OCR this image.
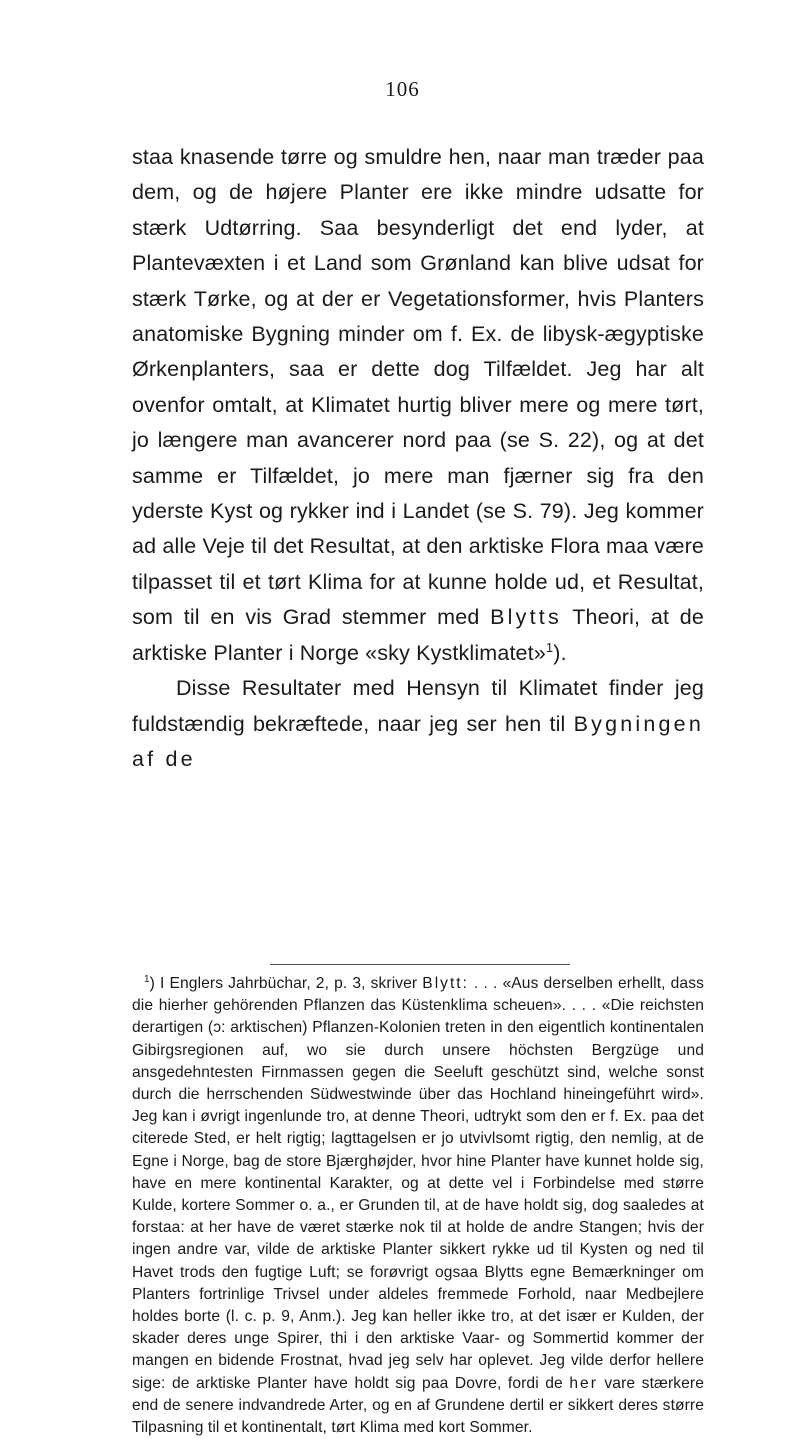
106

staa knasende tørre og smuldre hen, naar man træder paa dem, og de højere Planter ere ikke mindre udsatte for stærk Udtørring. Saa besynderligt det end lyder, at Plantevæxten i et Land som Grønland kan blive udsat for stærk Tørke, og at der er Vegetationsformer, hvis Planters anatomiske Bygning minder om f. Ex. de libysk-ægyptiske Ørkenplanters, saa er dette dog Tilfældet. Jeg har alt ovenfor omtalt, at Klimatet hurtig bliver mere og mere tørt, jo længere man avancerer nord paa (se S. 22), og at det samme er Tilfældet, jo mere man fjærner sig fra den yderste Kyst og rykker ind i Landet (se S. 79). Jeg kommer ad alle Veje til det Resultat, at den arktiske Flora maa være tilpasset til et tørt Klima for at kunne holde ud, et Resultat, som til en vis Grad stemmer med Blytts Theori, at de arktiske Planter i Norge «sky Kystklimatet»$^1$).

Disse Resultater med Hensyn til Klimatet finder jeg fuldstændig bekræftede, naar jeg ser hen til Bygningen af de

$^1$) I Englers Jahrbüchar, 2, p. 3, skriver Blytt: . . . «Aus derselben erhellt, dass die hierher gehörenden Pflanzen das Küstenklima scheuen». . . . «Die reichsten derartigen (ɔ: arktischen) Pflanzen-Kolonien treten in den eigentlich kontinentalen Gibirgsregionen auf, wo sie durch unsere höchsten Bergzüge und ansgedehntesten Firnmassen gegen die Seeluft geschützt sind, welche sonst durch die herrschenden Südwestwinde über das Hochland hineingeführt wird». Jeg kan i øvrigt ingenlunde tro, at denne Theori, udtrykt som den er f. Ex. paa det citerede Sted, er helt rigtig; lagttagelsen er jo utvivlsomt rigtig, den nemlig, at de Egne i Norge, bag de store Bjærghøjder, hvor hine Planter have kunnet holde sig, have en mere kontinental Karakter, og at dette vel i Forbindelse med større Kulde, kortere Sommer o. a., er Grunden til, at de have holdt sig, dog saaledes at forstaa: at her have de været stærke nok til at holde de andre Stangen; hvis der ingen andre var, vilde de arktiske Planter sikkert rykke ud til Kysten og ned til Havet trods den fugtige Luft; se forøvrigt ogsaa Blytts egne Bemærkninger om Planters fortrinlige Trivsel under aldeles fremmede Forhold, naar Medbejlere holdes borte (l. c. p. 9, Anm.). Jeg kan heller ikke tro, at det især er Kulden, der skader deres unge Spirer, thi i den arktiske Vaar- og Sommertid kommer der mangen en bidende Frostnat, hvad jeg selv har oplevet. Jeg vilde derfor hellere sige: de arktiske Planter have holdt sig paa Dovre, fordi de her vare stærkere end de senere indvandrede Arter, og en af Grundene dertil er sikkert deres større Tilpasning til et kontinentalt, tørt Klima med kort Sommer.
